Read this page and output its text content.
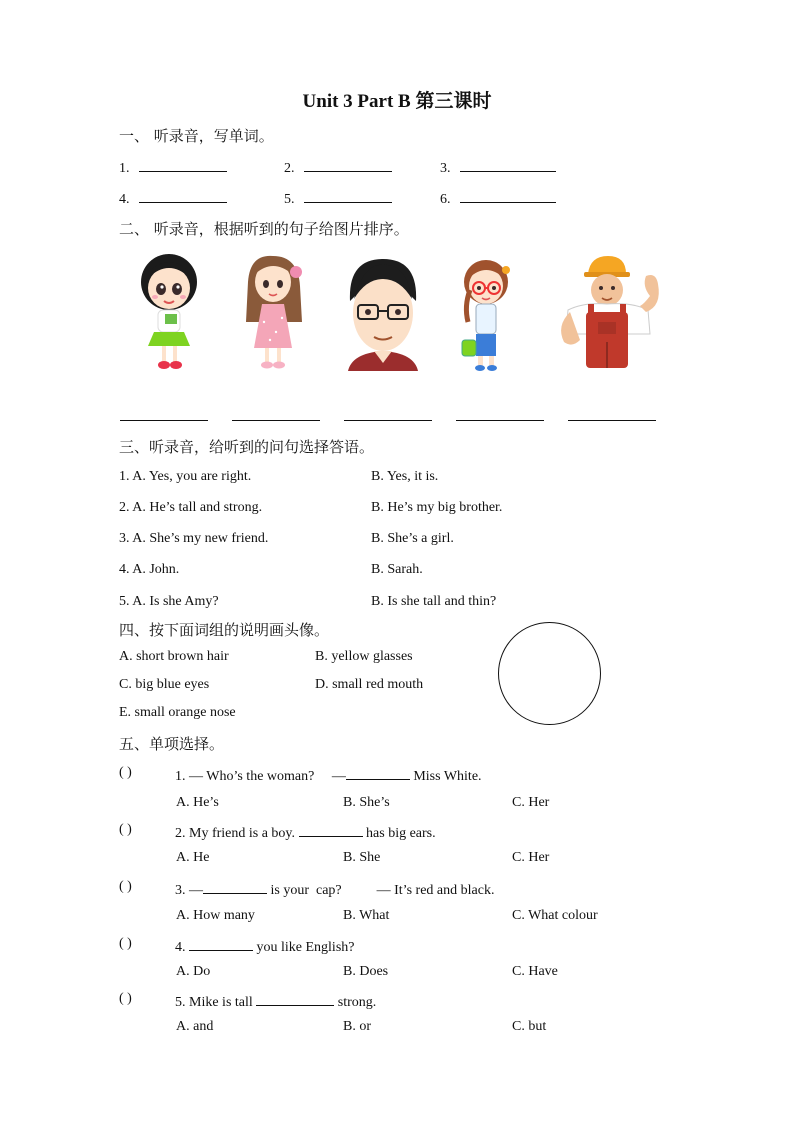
Unit 3 Part B 第三课时
一、 听录音，写单词。
1.	2.	3.
4.	5.	6.
二、 听录音，根据听到的句子给图片排序。
三、听录音，给听到的问句选择答语。
1. A. Yes, you are right.	B. Yes, it is.
2. A. He’s tall and strong.	B. He’s my big brother.
3. A. She’s my new friend.	B. She’s a girl.
4. A. John.	B. Sarah.
5. A. Is she Amy?	B. Is she tall and thin?
四、按下面词组的说明画头像。
A. short brown hair	B. yellow glasses
C. big blue eyes	D. small red mouth
E. small orange nose
五、单项选择。
( )	1. — Who’s the woman? —	Miss White.
A. He’s	B. She’s	C. Her
( )	2. My friend is a boy.	has big ears.
A. He	B. She	C. Her
( )	3. —	is your  cap?          — It’s red and black.
A. How many	B. What	C. What colour
( )	4.	you like English?
A. Do	B. Does	C. Have
( )	5. Mike is tall	strong.
A. and	B. or	C. but
